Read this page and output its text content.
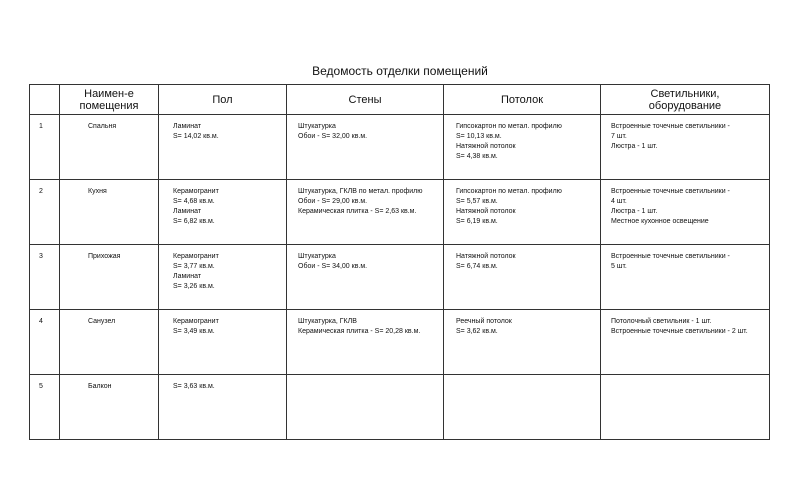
Ведомость отделки помещений

	Наимен-е
помещения	Пол	Стены	Потолок	Светильники,
оборудование

1	Спальня	Ламинат
S= 14,02 кв.м.	Штукатурка
Обои - S= 32,00 кв.м.	Гипсокартон по метал. профилю
S= 10,13 кв.м.
Натяжной потолок
S= 4,38 кв.м.	Встроенные точечные светильники -
7 шт.
Люстра - 1 шт.

2	Кухня	Керамогранит
S= 4,68 кв.м.
Ламинат
S= 6,82 кв.м.	Штукатурка, ГКЛВ по метал. профилю
Обои - S= 29,00 кв.м.
Керамическая плитка - S= 2,63 кв.м.	Гипсокартон по метал. профилю
S= 5,57 кв.м.
Натяжной потолок
S= 6,19 кв.м.	Встроенные точечные светильники -
4 шт.
Люстра - 1 шт.
Местное кухонное освещение

3	Прихожая	Керамогранит
S= 3,77 кв.м.
Ламинат
S= 3,26 кв.м.	Штукатурка
Обои - S= 34,00 кв.м.	Натяжной потолок
S= 6,74 кв.м.	Встроенные точечные светильники -
5 шт.

4	Санузел	Керамогранит
S= 3,49 кв.м.	Штукатурка, ГКЛВ
Керамическая плитка - S= 20,28 кв.м.	Реечный потолок
S= 3,62 кв.м.	Потолочный светильник - 1 шт.
Встроенные точечные светильники - 2 шт.

5	Балкон	S= 3,63 кв.м.			
